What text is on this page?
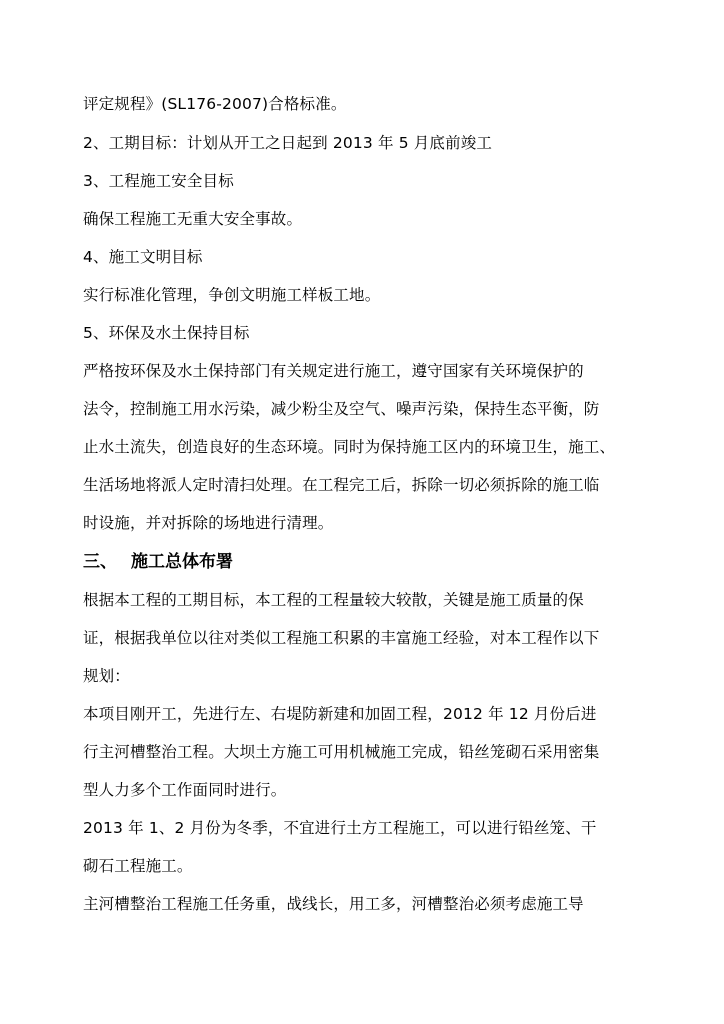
评定规程》(SL176-2007)合格标准。
2、工期目标：计划从开工之日起到 2013 年 5 月底前竣工
3、工程施工安全目标
确保工程施工无重大安全事故。
4、施工文明目标
实行标准化管理，争创文明施工样板工地。
5、环保及水土保持目标
严格按环保及水土保持部门有关规定进行施工，遵守国家有关环境保护的
法令，控制施工用水污染，减少粉尘及空气、噪声污染，保持生态平衡，防
止水土流失，创造良好的生态环境。同时为保持施工区内的环境卫生，施工、
生活场地将派人定时清扫处理。在工程完工后，拆除一切必须拆除的施工临
时设施，并对拆除的场地进行清理。
三、 施工总体布署
根据本工程的工期目标，本工程的工程量较大较散，关键是施工质量的保
证，根据我单位以往对类似工程施工积累的丰富施工经验，对本工程作以下
规划：
本项目刚开工，先进行左、右堤防新建和加固工程，2012 年 12 月份后进
行主河槽整治工程。大坝土方施工可用机械施工完成，铅丝笼砌石采用密集
型人力多个工作面同时进行。
2013 年 1、2 月份为冬季，不宜进行土方工程施工，可以进行铅丝笼、干
砌石工程施工。
主河槽整治工程施工任务重，战线长，用工多，河槽整治必须考虑施工导
